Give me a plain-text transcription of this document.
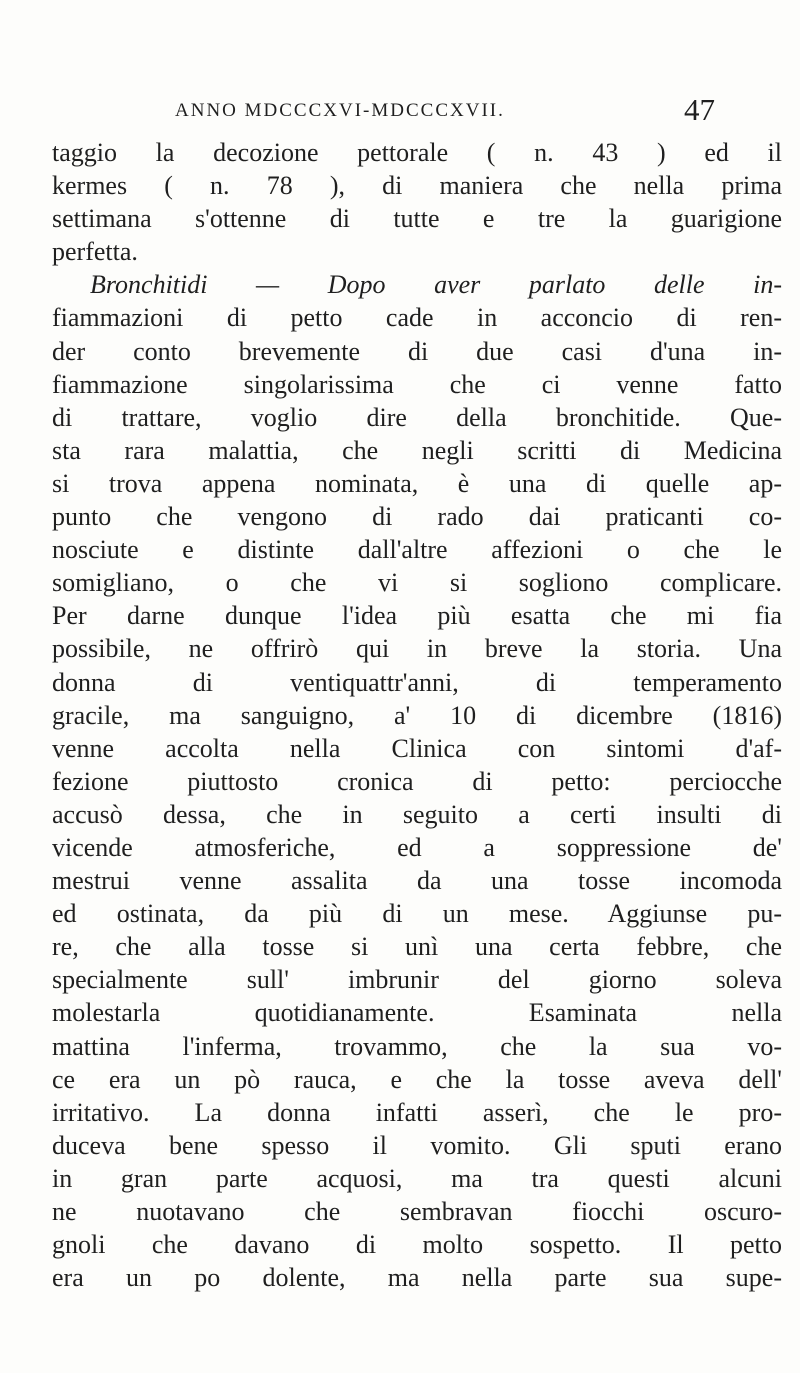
ANNO MDCCCXVI-MDCCCXVII.	47
taggio la decozione pettorale ( n. 43 ) ed il
kermes ( n. 78 ), di maniera che nella prima
settimana s'ottenne di tutte e tre la guarigione
perfetta.
Bronchitidi — Dopo aver parlato delle in-
fiammazioni di petto cade in acconcio di ren-
der conto brevemente di due casi d'una in-
fiammazione singolarissima che ci venne fatto
di trattare, voglio dire della bronchitide. Que-
sta rara malattia, che negli scritti di Medicina
si trova appena nominata, è una di quelle ap-
punto che vengono di rado dai praticanti co-
nosciute e distinte dall'altre affezioni o che le
somigliano, o che vi si sogliono complicare.
Per darne dunque l'idea più esatta che mi fia
possibile, ne offrirò qui in breve la storia. Una
donna di ventiquattr'anni, di temperamento
gracile, ma sanguigno, a' 10 di dicembre (1816)
venne accolta nella Clinica con sintomi d'af-
fezione piuttosto cronica di petto: perciocche
accusò dessa, che in seguito a certi insulti di
vicende atmosferiche, ed a soppressione de'
mestrui venne assalita da una tosse incomoda
ed ostinata, da più di un mese. Aggiunse pu-
re, che alla tosse si unì una certa febbre, che
specialmente sull' imbrunir del giorno soleva
molestarla quotidianamente. Esaminata nella
mattina l'inferma, trovammo, che la sua vo-
ce era un pò rauca, e che la tosse aveva dell'
irritativo. La donna infatti asserì, che le pro-
duceva bene spesso il vomito. Gli sputi erano
in gran parte acquosi, ma tra questi alcuni
ne nuotavano che sembravan fiocchi oscuro-
gnoli che davano di molto sospetto. Il petto
era un po dolente, ma nella parte sua supe-
